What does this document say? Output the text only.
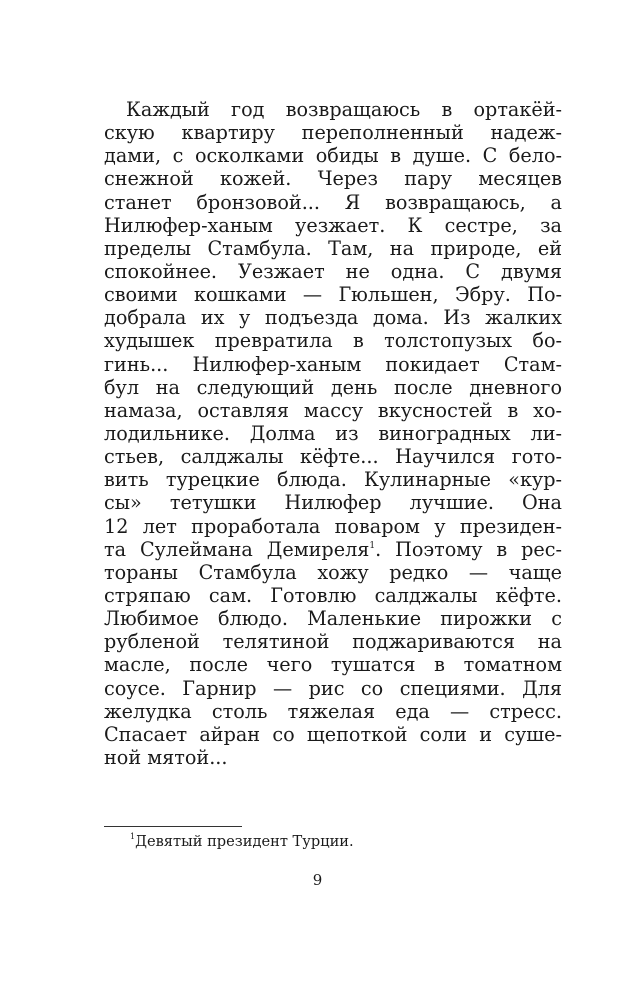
Каждый год возвращаюсь в ортакёй-
скую квартиру переполненный надеж-
дами, с осколками обиды в душе. С бело-
снежной кожей. Через пару месяцев
станет бронзовой... Я возвращаюсь, а
Нилюфер-ханым уезжает. К сестре, за
пределы Стамбула. Там, на природе, ей
спокойнее. Уезжает не одна. С двумя
своими кошками — Гюльшен, Эбру. По-
добрала их у подъезда дома. Из жалких
худышек превратила в толстопузых бо-
гинь... Нилюфер-ханым покидает Стам-
бул на следующий день после дневного
намаза, оставляя массу вкусностей в хо-
лодильнике. Долма из виноградных ли-
стьев, салджалы кёфте... Научился гото-
вить турецкие блюда. Кулинарные «кур-
сы» тетушки Нилюфер лучшие. Она
12 лет проработала поваром у президен-
та Сулеймана Демиреля$^1$. Поэтому в рес-
тораны Стамбула хожу редко — чаще
стряпаю сам. Готовлю салджалы кёфте.
Любимое блюдо. Маленькие пирожки с
рубленой телятиной поджариваются на
масле, после чего тушатся в томатном
соусе. Гарнир — рис со специями. Для
желудка столь тяжелая еда — стресс.
Спасает айран со щепоткой соли и суше-
ной мятой...
$^1$Девятый президент Турции.
9
